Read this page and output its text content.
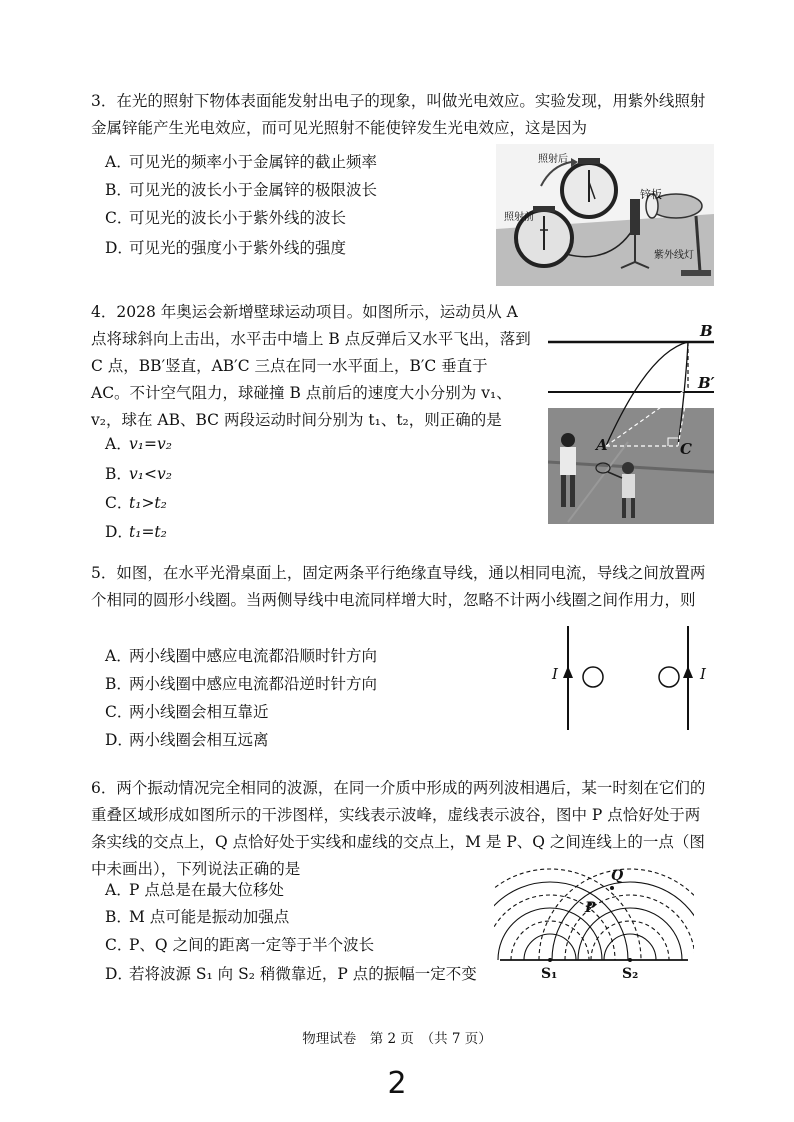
3．在光的照射下物体表面能发射出电子的现象，叫做光电效应。实验发现，用紫外线照射金属锌能产生光电效应，而可见光照射不能使锌发生光电效应，这是因为
A．可见光的频率小于金属锌的截止频率
B．可见光的波长小于金属锌的极限波长
C．可见光的波长小于紫外线的波长
D．可见光的强度小于紫外线的强度
照射后
照射前
锌板
紫外线灯
4．2028 年奥运会新增壁球运动项目。如图所示，运动员从 A 点将球斜向上击出，水平击中墙上 B 点反弹后又水平飞出，落到 C 点，BB′竖直，AB′C 三点在同一水平面上，B′C 垂直于 AC。不计空气阻力，球碰撞 B 点前后的速度大小分别为 v₁、v₂，球在 AB、BC 两段运动时间分别为 t₁、t₂，则正确的是
A．v₁=v₂
B．v₁<v₂
C．t₁>t₂
D．t₁=t₂
B
B′
A	C
5．如图，在水平光滑桌面上，固定两条平行绝缘直导线，通以相同电流，导线之间放置两个相同的圆形小线圈。当两侧导线中电流同样增大时，忽略不计两小线圈之间作用力，则
A．两小线圈中感应电流都沿顺时针方向
B．两小线圈中感应电流都沿逆时针方向
C．两小线圈会相互靠近
D．两小线圈会相互远离
I	I
6．两个振动情况完全相同的波源，在同一介质中形成的两列波相遇后，某一时刻在它们的重叠区域形成如图所示的干涉图样，实线表示波峰，虚线表示波谷，图中 P 点恰好处于两条实线的交点上，Q 点恰好处于实线和虚线的交点上，M 是 P、Q 之间连线上的一点（图中未画出），下列说法正确的是
A．P 点总是在最大位移处
B．M 点可能是振动加强点
C．P、Q 之间的距离一定等于半个波长
D．若将波源 S₁ 向 S₂ 稍微靠近，P 点的振幅一定不变
Q
P
S₁	S₂
物理试卷　第 2 页　（共 7 页）
2
